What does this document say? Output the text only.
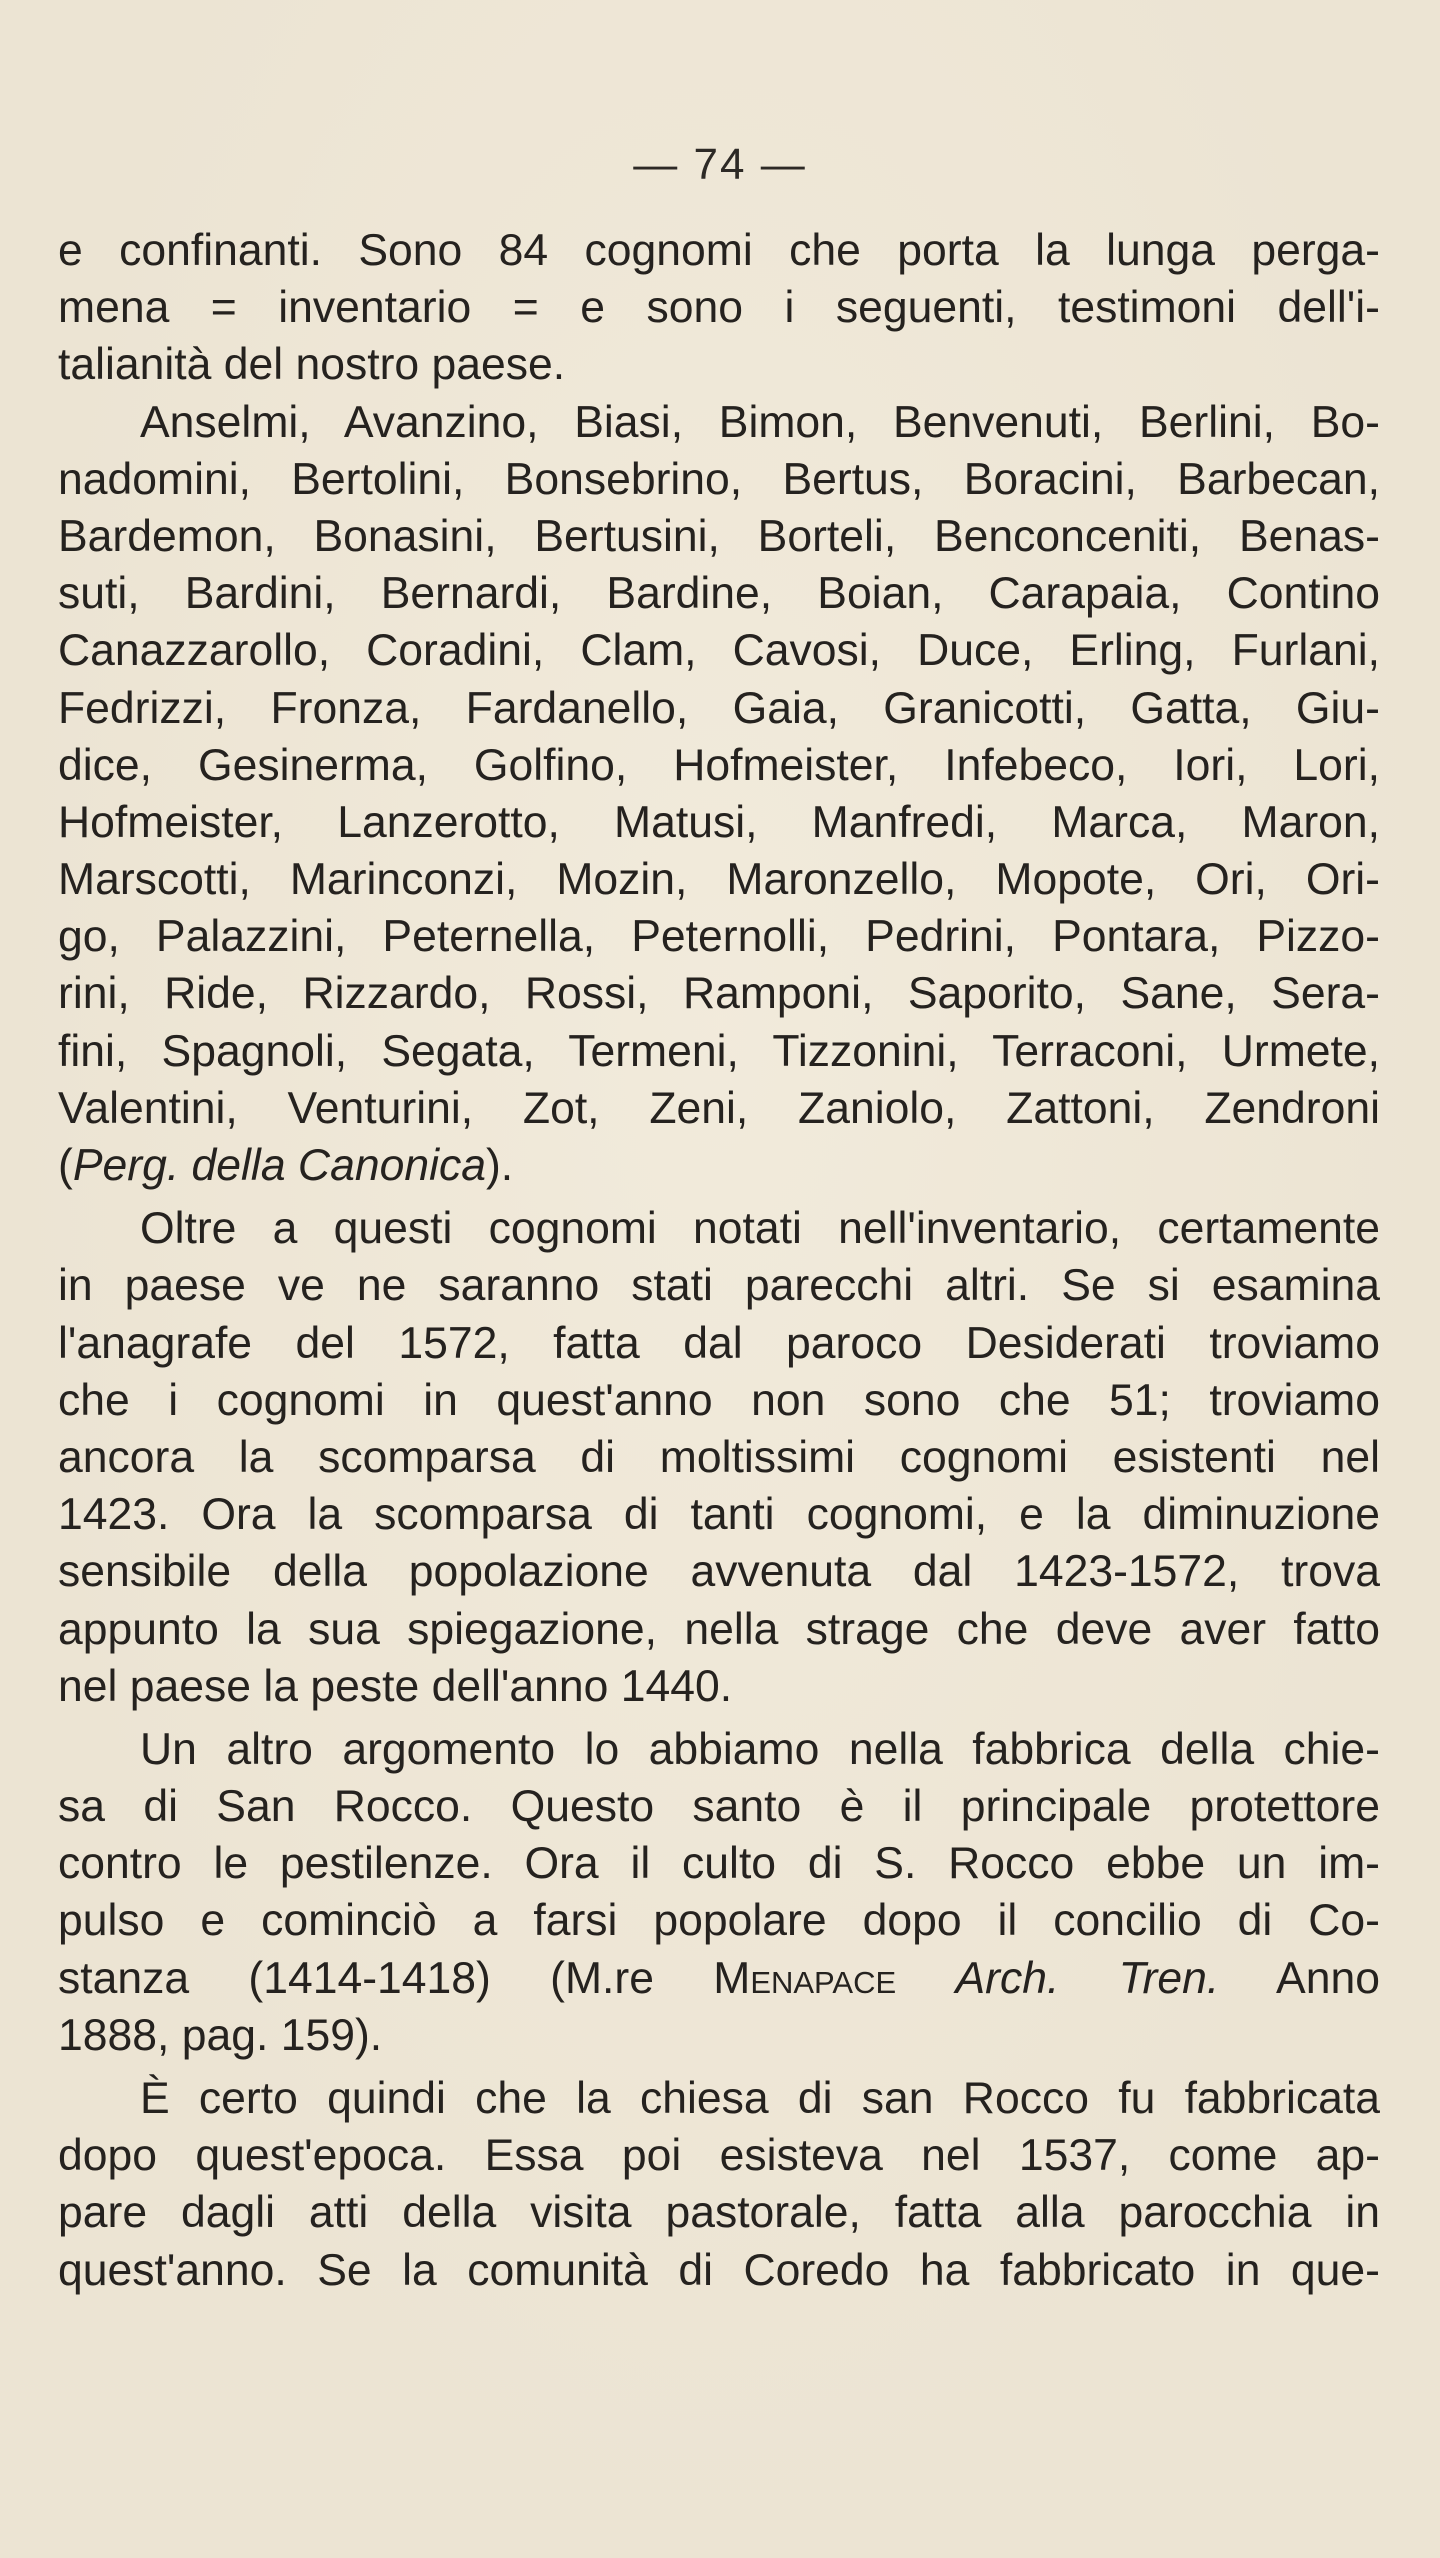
— 74 —
e confinanti. Sono 84 cognomi che porta la lunga perga-
mena = inventario = e sono i seguenti, testimoni dell'i-
talianità del nostro paese.
Anselmi, Avanzino, Biasi, Bimon, Benvenuti, Berlini, Bo-
nadomini, Bertolini, Bonsebrino, Bertus, Boracini, Barbecan,
Bardemon, Bonasini, Bertusini, Borteli, Benconceniti, Benas-
suti, Bardini, Bernardi, Bardine, Boian, Carapaia, Contino
Canazzarollo, Coradini, Clam, Cavosi, Duce, Erling, Furlani,
Fedrizzi, Fronza, Fardanello, Gaia, Granicotti, Gatta, Giu-
dice, Gesinerma, Golfino, Hofmeister, Infebeco, Iori, Lori,
Hofmeister, Lanzerotto, Matusi, Manfredi, Marca, Maron,
Marscotti, Marinconzi, Mozin, Maronzello, Mopote, Ori, Ori-
go, Palazzini, Peternella, Peternolli, Pedrini, Pontara, Pizzo-
rini, Ride, Rizzardo, Rossi, Ramponi, Saporito, Sane, Sera-
fini, Spagnoli, Segata, Termeni, Tizzonini, Terraconi, Urmete,
Valentini, Venturini, Zot, Zeni, Zaniolo, Zattoni, Zendroni
(Perg. della Canonica).
Oltre a questi cognomi notati nell'inventario, certamente
in paese ve ne saranno stati parecchi altri. Se si esamina
l'anagrafe del 1572, fatta dal paroco Desiderati troviamo
che i cognomi in quest'anno non sono che 51; troviamo
ancora la scomparsa di moltissimi cognomi esistenti nel
1423. Ora la scomparsa di tanti cognomi, e la diminuzione
sensibile della popolazione avvenuta dal 1423-1572, trova
appunto la sua spiegazione, nella strage che deve aver fatto
nel paese la peste dell'anno 1440.
Un altro argomento lo abbiamo nella fabbrica della chie-
sa di San Rocco. Questo santo è il principale protettore
contro le pestilenze. Ora il culto di S. Rocco ebbe un im-
pulso e cominciò a farsi popolare dopo il concilio di Co-
stanza (1414-1418) (M.re Menapace Arch. Tren. Anno
1888, pag. 159).
È certo quindi che la chiesa di san Rocco fu fabbricata
dopo quest'epoca. Essa poi esisteva nel 1537, come ap-
pare dagli atti della visita pastorale, fatta alla parocchia in
quest'anno. Se la comunità di Coredo ha fabbricato in que-
